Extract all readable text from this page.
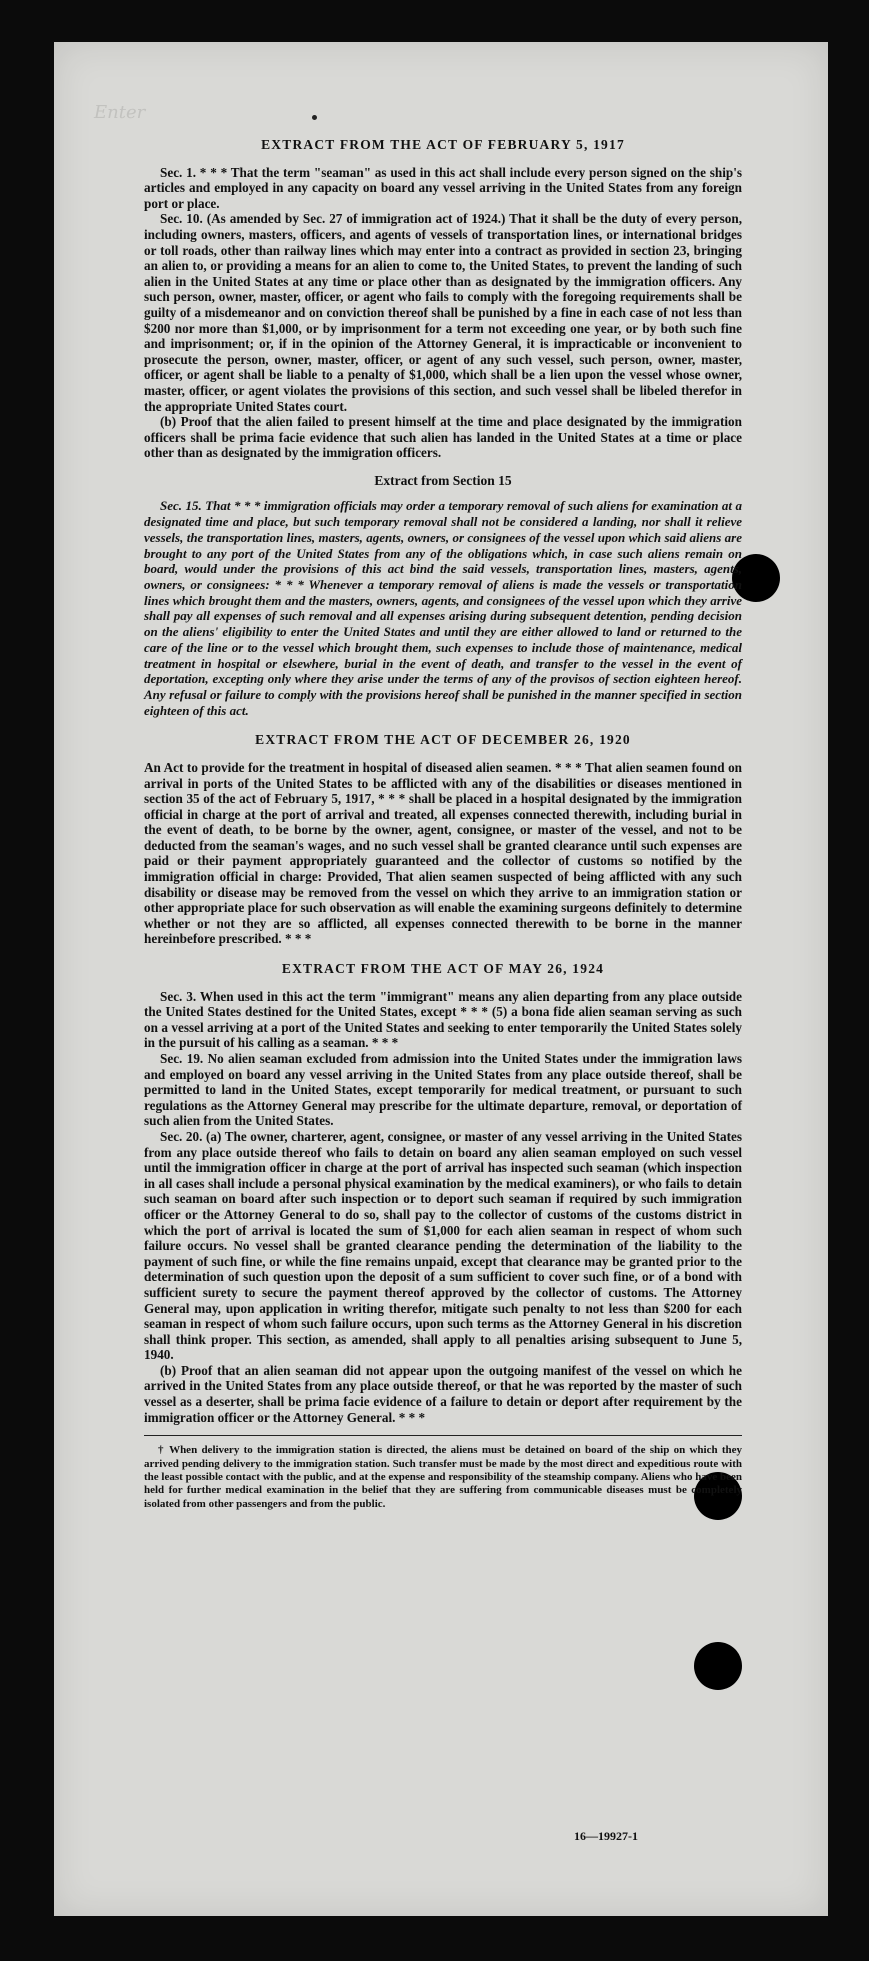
Enter
EXTRACT FROM THE ACT OF FEBRUARY 5, 1917

Sec. 1. * * * That the term "seaman" as used in this act shall include every person signed on the ship's articles and employed in any capacity on board any vessel arriving in the United States from any foreign port or place.

Sec. 10. (As amended by Sec. 27 of immigration act of 1924.) That it shall be the duty of every person, including owners, masters, officers, and agents of vessels of transportation lines, or international bridges or toll roads, other than railway lines which may enter into a contract as provided in section 23, bringing an alien to, or providing a means for an alien to come to, the United States, to prevent the landing of such alien in the United States at any time or place other than as designated by the immigration officers. Any such person, owner, master, officer, or agent who fails to comply with the foregoing requirements shall be guilty of a misdemeanor and on conviction thereof shall be punished by a fine in each case of not less than $200 nor more than $1,000, or by imprisonment for a term not exceeding one year, or by both such fine and imprisonment; or, if in the opinion of the Attorney General, it is impracticable or inconvenient to prosecute the person, owner, master, officer, or agent of any such vessel, such person, owner, master, officer, or agent shall be liable to a penalty of $1,000, which shall be a lien upon the vessel whose owner, master, officer, or agent violates the provisions of this section, and such vessel shall be libeled therefor in the appropriate United States court.

(b) Proof that the alien failed to present himself at the time and place designated by the immigration officers shall be prima facie evidence that such alien has landed in the United States at a time or place other than as designated by the immigration officers.

Extract from Section 15

Sec. 15. That * * * immigration officials may order a temporary removal of such aliens for examination at a designated time and place, but such temporary removal shall not be considered a landing, nor shall it relieve vessels, the transportation lines, masters, agents, owners, or consignees of the vessel upon which said aliens are brought to any port of the United States from any of the obligations which, in case such aliens remain on board, would under the provisions of this act bind the said vessels, transportation lines, masters, agents, owners, or consignees: * * * Whenever a temporary removal of aliens is made the vessels or transportation lines which brought them and the masters, owners, agents, and consignees of the vessel upon which they arrive shall pay all expenses of such removal and all expenses arising during subsequent detention, pending decision on the aliens' eligibility to enter the United States and until they are either allowed to land or returned to the care of the line or to the vessel which brought them, such expenses to include those of maintenance, medical treatment in hospital or elsewhere, burial in the event of death, and transfer to the vessel in the event of deportation, excepting only where they arise under the terms of any of the provisos of section eighteen hereof. Any refusal or failure to comply with the provisions hereof shall be punished in the manner specified in section eighteen of this act.

EXTRACT FROM THE ACT OF DECEMBER 26, 1920

An Act to provide for the treatment in hospital of diseased alien seamen. * * * That alien seamen found on arrival in ports of the United States to be afflicted with any of the disabilities or diseases mentioned in section 35 of the act of February 5, 1917, * * * shall be placed in a hospital designated by the immigration official in charge at the port of arrival and treated, all expenses connected therewith, including burial in the event of death, to be borne by the owner, agent, consignee, or master of the vessel, and not to be deducted from the seaman's wages, and no such vessel shall be granted clearance until such expenses are paid or their payment appropriately guaranteed and the collector of customs so notified by the immigration official in charge: Provided, That alien seamen suspected of being afflicted with any such disability or disease may be removed from the vessel on which they arrive to an immigration station or other appropriate place for such observation as will enable the examining surgeons definitely to determine whether or not they are so afflicted, all expenses connected therewith to be borne in the manner hereinbefore prescribed. * * *

EXTRACT FROM THE ACT OF MAY 26, 1924

Sec. 3. When used in this act the term "immigrant" means any alien departing from any place outside the United States destined for the United States, except * * * (5) a bona fide alien seaman serving as such on a vessel arriving at a port of the United States and seeking to enter temporarily the United States solely in the pursuit of his calling as a seaman. * * *

Sec. 19. No alien seaman excluded from admission into the United States under the immigration laws and employed on board any vessel arriving in the United States from any place outside thereof, shall be permitted to land in the United States, except temporarily for medical treatment, or pursuant to such regulations as the Attorney General may prescribe for the ultimate departure, removal, or deportation of such alien from the United States.

Sec. 20. (a) The owner, charterer, agent, consignee, or master of any vessel arriving in the United States from any place outside thereof who fails to detain on board any alien seaman employed on such vessel until the immigration officer in charge at the port of arrival has inspected such seaman (which inspection in all cases shall include a personal physical examination by the medical examiners), or who fails to detain such seaman on board after such inspection or to deport such seaman if required by such immigration officer or the Attorney General to do so, shall pay to the collector of customs of the customs district in which the port of arrival is located the sum of $1,000 for each alien seaman in respect of whom such failure occurs. No vessel shall be granted clearance pending the determination of the liability to the payment of such fine, or while the fine remains unpaid, except that clearance may be granted prior to the determination of such question upon the deposit of a sum sufficient to cover such fine, or of a bond with sufficient surety to secure the payment thereof approved by the collector of customs. The Attorney General may, upon application in writing therefor, mitigate such penalty to not less than $200 for each seaman in respect of whom such failure occurs, upon such terms as the Attorney General in his discretion shall think proper. This section, as amended, shall apply to all penalties arising subsequent to June 5, 1940.

(b) Proof that an alien seaman did not appear upon the outgoing manifest of the vessel on which he arrived in the United States from any place outside thereof, or that he was reported by the master of such vessel as a deserter, shall be prima facie evidence of a failure to detain or deport after requirement by the immigration officer or the Attorney General. * * *

† When delivery to the immigration station is directed, the aliens must be detained on board of the ship on which they arrived pending delivery to the immigration station. Such transfer must be made by the most direct and expeditious route with the least possible contact with the public, and at the expense and responsibility of the steamship company. Aliens who have been held for further medical examination in the belief that they are suffering from communicable diseases must be completely isolated from other passengers and from the public.

16—19927-1
